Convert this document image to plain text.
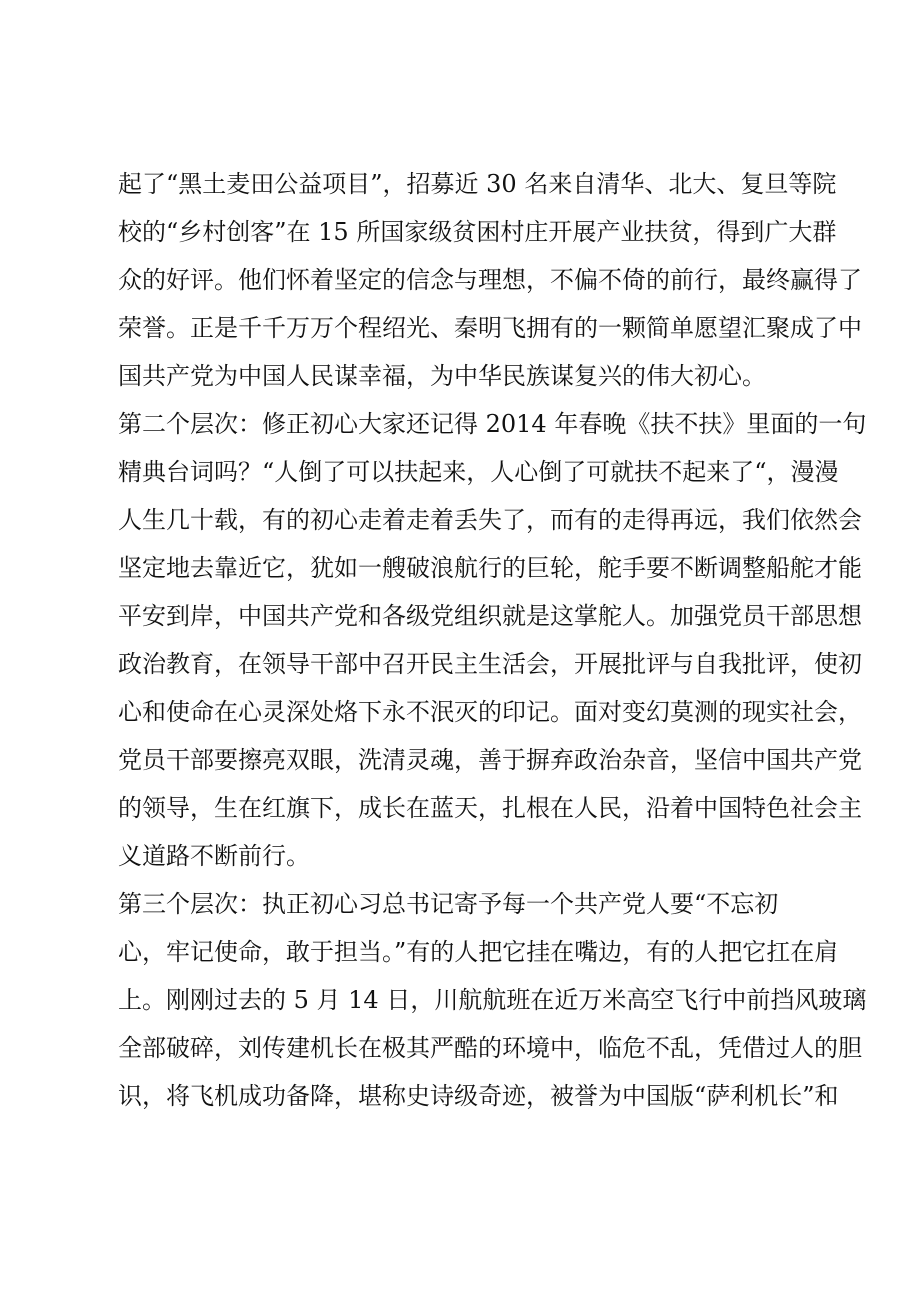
起了“黑土麦田公益项目”，招募近 30 名来自清华、北大、复旦等院
校的“乡村创客”在 15 所国家级贫困村庄开展产业扶贫，得到广大群
众的好评。他们怀着坚定的信念与理想，不偏不倚的前行，最终赢得了
荣誉。正是千千万万个程绍光、秦明飞拥有的一颗简单愿望汇聚成了中
国共产党为中国人民谋幸福，为中华民族谋复兴的伟大初心。
第二个层次：修正初心大家还记得 2014 年春晚《扶不扶》里面的一句
精典台词吗？“人倒了可以扶起来，人心倒了可就扶不起来了“，漫漫
人生几十载，有的初心走着走着丢失了，而有的走得再远，我们依然会
坚定地去靠近它，犹如一艘破浪航行的巨轮，舵手要不断调整船舵才能
平安到岸，中国共产党和各级党组织就是这掌舵人。加强党员干部思想
政治教育，在领导干部中召开民主生活会，开展批评与自我批评，使初
心和使命在心灵深处烙下永不泯灭的印记。面对变幻莫测的现实社会，
党员干部要擦亮双眼，洗清灵魂，善于摒弃政治杂音，坚信中国共产党
的领导，生在红旗下，成长在蓝天，扎根在人民，沿着中国特色社会主
义道路不断前行。
第三个层次：执正初心习总书记寄予每一个共产党人要“不忘初
心，牢记使命，敢于担当。”有的人把它挂在嘴边，有的人把它扛在肩
上。刚刚过去的 5 月 14 日，川航航班在近万米高空飞行中前挡风玻璃
全部破碎，刘传建机长在极其严酷的环境中，临危不乱，凭借过人的胆
识，将飞机成功备降，堪称史诗级奇迹，被誉为中国版“萨利机长”和
